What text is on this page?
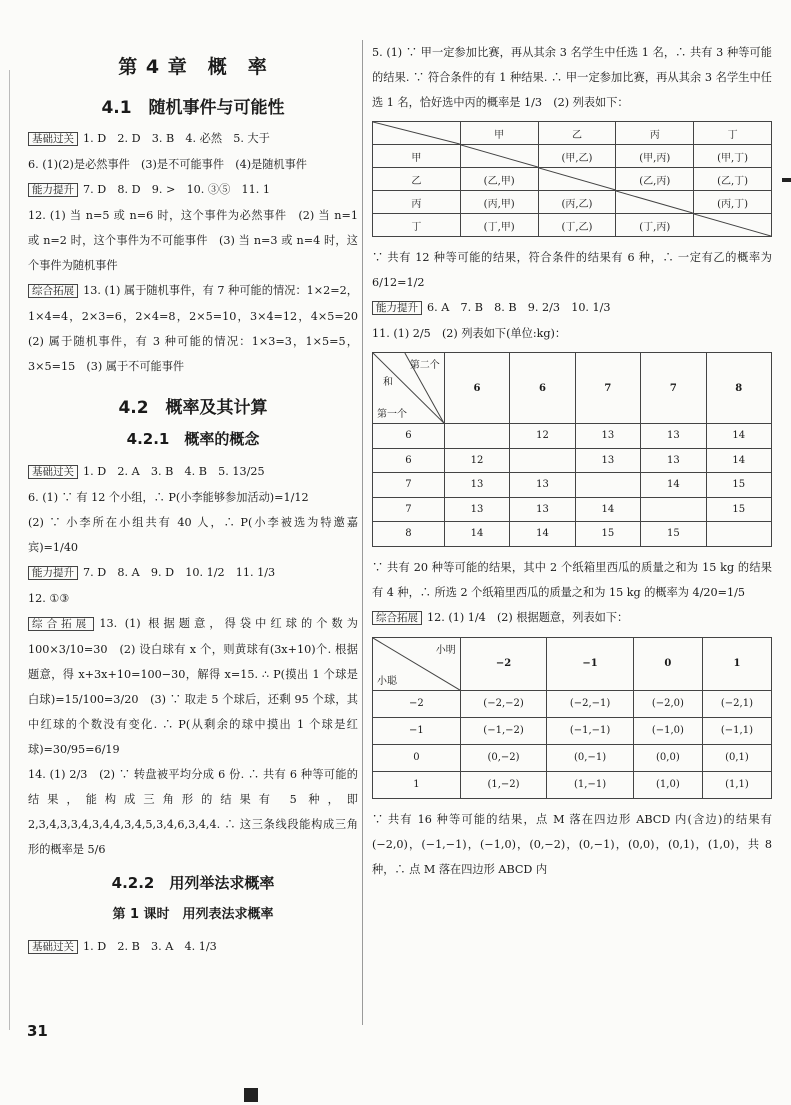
第 4 章　概　率
4.1　随机事件与可能性

基础过关 1. D　2. D　3. B　4. 必然　5. 大于

6. (1)(2)是必然事件　(3)是不可能事件　(4)是随机事件

能力提升 7. D　8. D　9. >　10. ③⑤　11. 1

12. (1) 当 n=5 或 n=6 时，这个事件为必然事件　(2) 当 n=1 或 n=2 时，这个事件为不可能事件　(3) 当 n=3 或 n=4 时，这个事件为随机事件

综合拓展 13. (1) 属于随机事件，有 7 种可能的情况：1×2=2，1×4=4，2×3=6，2×4=8，2×5=10，3×4=12，4×5=20　(2) 属于随机事件，有 3 种可能的情况：1×3=3，1×5=5，3×5=15　(3) 属于不可能事件

4.2　概率及其计算
4.2.1　概率的概念

基础过关 1. D　2. A　3. B　4. B　5. 13/25

6. (1) ∵ 有 12 个小组，∴ P(小李能够参加活动)=1/12

(2) ∵ 小李所在小组共有 40 人，∴ P(小李被选为特邀嘉宾)=1/40

能力提升 7. D　8. A　9. D　10. 1/2　11. 1/3

12. ①③

综合拓展 13. (1) 根据题意，得袋中红球的个数为 100×3/10=30　(2) 设白球有 x 个，则黄球有(3x+10)个. 根据题意，得 x+3x+10=100−30，解得 x=15. ∴ P(摸出 1 个球是白球)=15/100=3/20　(3) ∵ 取走 5 个球后，还剩 95 个球，其中红球的个数没有变化. ∴ P(从剩余的球中摸出 1 个球是红球)=30/95=6/19

14. (1) 2/3　(2) ∵ 转盘被平均分成 6 份. ∴ 共有 6 种等可能的结果，能构成三角形的结果有 5 种，即 2,3,4,3,3,4,3,4,4,3,4,5,3,4,6,3,4,4. ∴ 这三条线段能构成三角形的概率是 5/6

4.2.2　用列举法求概率
第 1 课时　用列表法求概率

基础过关 1. D　2. B　3. A　4. 1/3

5. (1) ∵ 甲一定参加比赛，再从其余 3 名学生中任选 1 名，∴ 共有 3 种等可能的结果. ∵ 符合条件的有 1 种结果. ∴ 甲一定参加比赛，再从其余 3 名学生中任选 1 名，恰好选中丙的概率是 1/3　(2) 列表如下：

	甲	乙	丙	丁
甲		(甲,乙)	(甲,丙)	(甲,丁)
乙	(乙,甲)		(乙,丙)	(乙,丁)
丙	(丙,甲)	(丙,乙)		(丙,丁)
丁	(丁,甲)	(丁,乙)	(丁,丙)	

∵ 共有 12 种等可能的结果，符合条件的结果有 6 种，∴ 一定有乙的概率为 6/12=1/2

能力提升 6. A　7. B　8. B　9. 2/3　10. 1/3

11. (1) 2/5　(2) 列表如下(单位:kg)：

第二个
和
第一个	6	6	7	7	8
6		12	13	13	14
6	12		13	13	14
7	13	13		14	15
7	13	13	14		15
8	14	14	15	15	

∵ 共有 20 种等可能的结果，其中 2 个纸箱里西瓜的质量之和为 15 kg 的结果有 4 种，∴ 所选 2 个纸箱里西瓜的质量之和为 15 kg 的概率为 4/20=1/5

综合拓展 12. (1) 1/4　(2) 根据题意，列表如下：

小明
小聪	−2	−1	0	1
−2	(−2,−2)	(−2,−1)	(−2,0)	(−2,1)
−1	(−1,−2)	(−1,−1)	(−1,0)	(−1,1)
0	(0,−2)	(0,−1)	(0,0)	(0,1)
1	(1,−2)	(1,−1)	(1,0)	(1,1)

∵ 共有 16 种等可能的结果，点 M 落在四边形 ABCD 内(含边)的结果有(−2,0)，(−1,−1)，(−1,0)，(0,−2)，(0,−1)，(0,0)，(0,1)，(1,0)，共 8 种，∴ 点 M 落在四边形 ABCD 内

31
